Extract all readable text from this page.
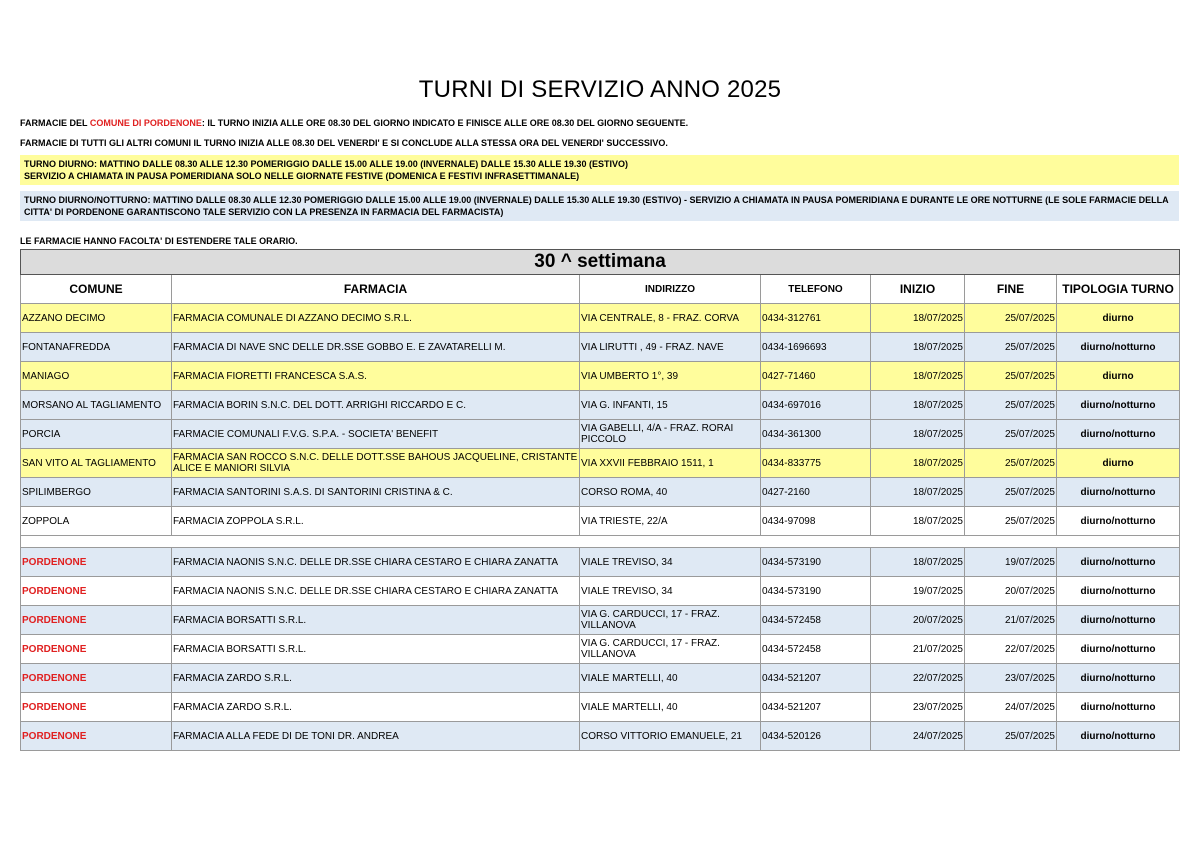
TURNI DI SERVIZIO ANNO 2025
FARMACIE DEL COMUNE DI PORDENONE: IL TURNO INIZIA ALLE ORE 08.30 DEL GIORNO INDICATO E FINISCE ALLE ORE 08.30 DEL GIORNO SEGUENTE.
FARMACIE DI TUTTI GLI ALTRI COMUNI IL TURNO INIZIA ALLE 08.30 DEL VENERDI' E SI CONCLUDE ALLA STESSA ORA DEL VENERDI' SUCCESSIVO.
TURNO DIURNO: MATTINO DALLE 08.30 ALLE 12.30 POMERIGGIO DALLE 15.00 ALLE 19.00 (INVERNALE) DALLE 15.30 ALLE 19.30 (ESTIVO)
SERVIZIO A CHIAMATA IN PAUSA POMERIDIANA SOLO NELLE GIORNATE FESTIVE (DOMENICA E FESTIVI INFRASETTIMANALE)
TURNO DIURNO/NOTTURNO: MATTINO DALLE 08.30 ALLE 12.30 POMERIGGIO DALLE 15.00 ALLE 19.00 (INVERNALE) DALLE 15.30 ALLE 19.30 (ESTIVO) - SERVIZIO A CHIAMATA IN PAUSA POMERIDIANA E DURANTE LE ORE NOTTURNE (LE SOLE FARMACIE DELLA CITTA' DI PORDENONE GARANTISCONO TALE SERVIZIO CON LA PRESENZA IN FARMACIA DEL FARMACISTA)
LE FARMACIE HANNO FACOLTA' DI ESTENDERE TALE ORARIO.
30 ^ settimana						
COMUNE	FARMACIA	INDIRIZZO	TELEFONO	INIZIO	FINE	TIPOLOGIA TURNO
AZZANO DECIMO	FARMACIA COMUNALE DI AZZANO DECIMO S.R.L.	VIA CENTRALE, 8 - FRAZ. CORVA	0434-312761	18/07/2025	25/07/2025	diurno
FONTANAFREDDA	FARMACIA DI NAVE SNC DELLE DR.SSE GOBBO E. E ZAVATARELLI M.	VIA LIRUTTI , 49 - FRAZ. NAVE	0434-1696693	18/07/2025	25/07/2025	diurno/notturno
MANIAGO	FARMACIA FIORETTI FRANCESCA S.A.S.	VIA UMBERTO 1°, 39	0427-71460	18/07/2025	25/07/2025	diurno
MORSANO AL TAGLIAMENTO	FARMACIA BORIN S.N.C. DEL DOTT. ARRIGHI RICCARDO E C.	VIA G. INFANTI, 15	0434-697016	18/07/2025	25/07/2025	diurno/notturno
PORCIA	FARMACIE COMUNALI F.V.G. S.P.A. - SOCIETA' BENEFIT	VIA GABELLI, 4/A - FRAZ. RORAI PICCOLO	0434-361300	18/07/2025	25/07/2025	diurno/notturno
SAN VITO AL TAGLIAMENTO	FARMACIA SAN ROCCO S.N.C. DELLE DOTT.SSE BAHOUS JACQUELINE, CRISTANTE ALICE E MANIORI SILVIA	VIA XXVII FEBBRAIO 1511, 1	0434-833775	18/07/2025	25/07/2025	diurno
SPILIMBERGO	FARMACIA SANTORINI S.A.S. DI SANTORINI CRISTINA & C.	CORSO ROMA, 40	0427-2160	18/07/2025	25/07/2025	diurno/notturno
ZOPPOLA	FARMACIA ZOPPOLA S.R.L.	VIA TRIESTE, 22/A	0434-97098	18/07/2025	25/07/2025	diurno/notturno

PORDENONE	FARMACIA NAONIS S.N.C. DELLE DR.SSE CHIARA CESTARO E CHIARA ZANATTA	VIALE TREVISO, 34	0434-573190	18/07/2025	19/07/2025	diurno/notturno
PORDENONE	FARMACIA NAONIS S.N.C. DELLE DR.SSE CHIARA CESTARO E CHIARA ZANATTA	VIALE TREVISO, 34	0434-573190	19/07/2025	20/07/2025	diurno/notturno
PORDENONE	FARMACIA BORSATTI S.R.L.	VIA G. CARDUCCI, 17 - FRAZ. VILLANOVA	0434-572458	20/07/2025	21/07/2025	diurno/notturno
PORDENONE	FARMACIA BORSATTI S.R.L.	VIA G. CARDUCCI, 17 - FRAZ. VILLANOVA	0434-572458	21/07/2025	22/07/2025	diurno/notturno
PORDENONE	FARMACIA ZARDO S.R.L.	VIALE MARTELLI, 40	0434-521207	22/07/2025	23/07/2025	diurno/notturno
PORDENONE	FARMACIA ZARDO S.R.L.	VIALE MARTELLI, 40	0434-521207	23/07/2025	24/07/2025	diurno/notturno
PORDENONE	FARMACIA ALLA FEDE DI DE TONI DR. ANDREA	CORSO VITTORIO EMANUELE, 21	0434-520126	24/07/2025	25/07/2025	diurno/notturno
